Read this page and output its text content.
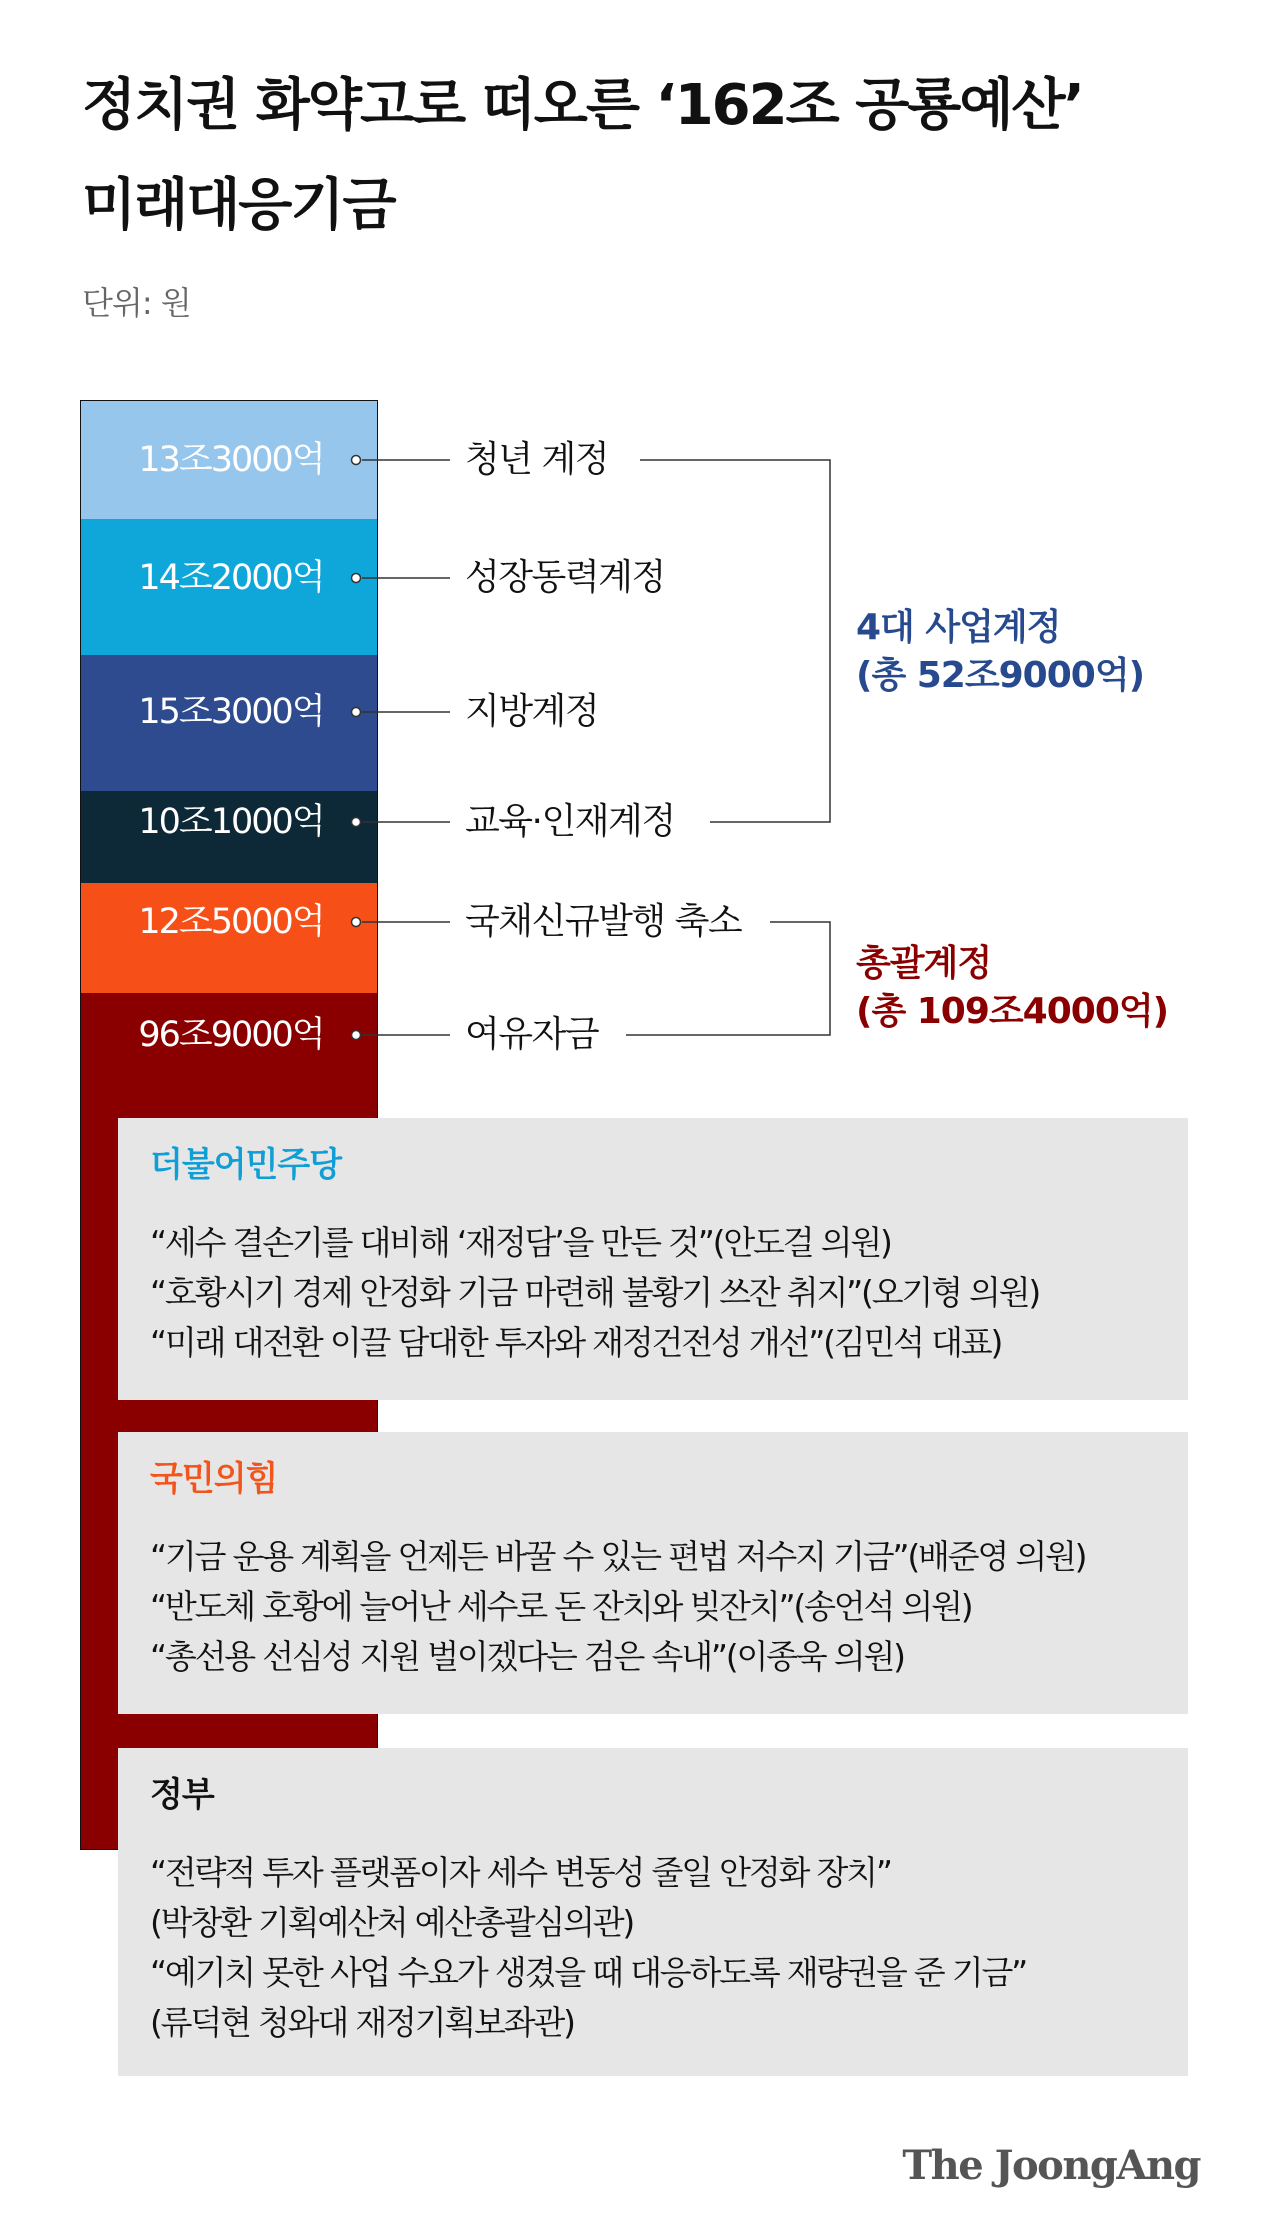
정치권 화약고로 떠오른 ‘162조 공룡예산’
미래대응기금
단위: 원
13조3000억
14조2000억
15조3000억
10조1000억
12조5000억
96조9000억
청년 계정
성장동력계정
지방계정
교육·인재계정
국채신규발행 축소
여유자금
4대 사업계정
(총 52조9000억)
총괄계정
(총 109조4000억)
더불어민주당
“세수 결손기를 대비해 ‘재정담’을 만든 것”(안도걸 의원)
“호황시기 경제 안정화 기금 마련해 불황기 쓰잔 취지”(오기형 의원)
“미래 대전환 이끌 담대한 투자와 재정건전성 개선”(김민석 대표)
국민의힘
“기금 운용 계획을 언제든 바꿀 수 있는 편법 저수지 기금”(배준영 의원)
“반도체 호황에 늘어난 세수로 돈 잔치와 빚잔치”(송언석 의원)
“총선용 선심성 지원 벌이겠다는 검은 속내”(이종욱 의원)
정부
“전략적 투자 플랫폼이자 세수 변동성 줄일 안정화 장치”
(박창환 기획예산처 예산총괄심의관)
“예기치 못한 사업 수요가 생겼을 때 대응하도록 재량권을 준 기금”
(류덕현 청와대 재정기획보좌관)
The JoongAng
